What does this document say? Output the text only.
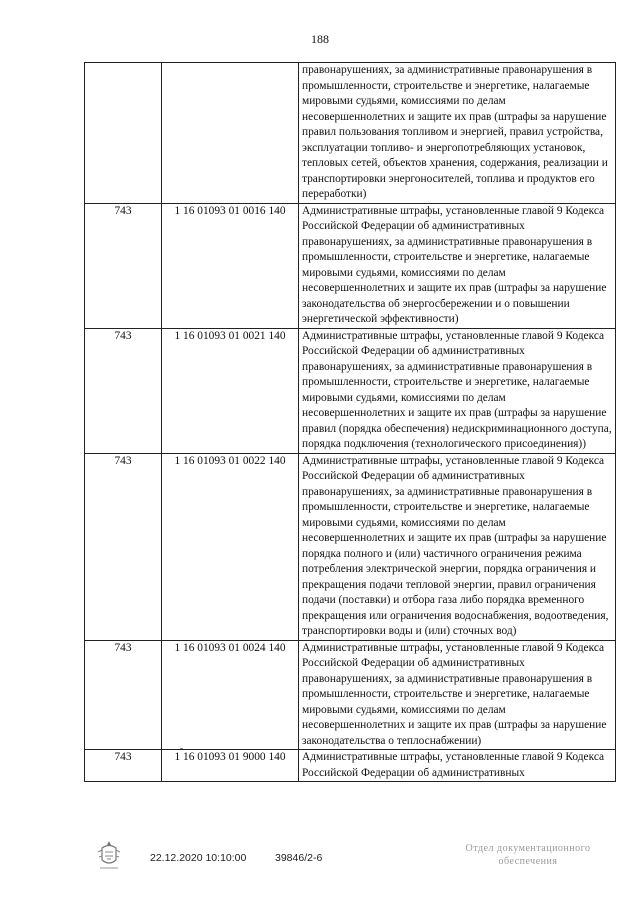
188
		правонарушениях, за административные правонарушения в промышленности, строительстве и энергетике, налагаемые мировыми судьями, комиссиями по делам несовершеннолетних и защите их прав (штрафы за нарушение правил пользования топливом и энергией, правил устройства, эксплуатации топливо- и энергопотребляющих установок, тепловых сетей, объектов хранения, содержания, реализации и транспортировки энергоносителей, топлива и продуктов его переработки)
743	1 16 01093 01 0016 140	Административные штрафы, установленные главой 9 Кодекса Российской Федерации об административных правонарушениях, за административные правонарушения в промышленности, строительстве и энергетике, налагаемые мировыми судьями, комиссиями по делам несовершеннолетних и защите их прав (штрафы за нарушение законодательства об энергосбережении и о повышении энергетической эффективности)
743	1 16 01093 01 0021 140	Административные штрафы, установленные главой 9 Кодекса Российской Федерации об административных правонарушениях, за административные правонарушения в промышленности, строительстве и энергетике, налагаемые мировыми судьями, комиссиями по делам несовершеннолетних и защите их прав (штрафы за нарушение правил (порядка обеспечения) недискриминационного доступа, порядка подключения (технологического присоединения))
743	1 16 01093 01 0022 140	Административные штрафы, установленные главой 9 Кодекса Российской Федерации об административных правонарушениях, за административные правонарушения в промышленности, строительстве и энергетике, налагаемые мировыми судьями, комиссиями по делам несовершеннолетних и защите их прав (штрафы за нарушение порядка полного и (или) частичного ограничения режима потребления электрической энергии, порядка ограничения и прекращения подачи тепловой энергии, правил ограничения подачи (поставки) и отбора газа либо порядка временного прекращения или ограничения водоснабжения, водоотведения, транспортировки воды и (или) сточных вод)
743	1 16 01093 01 0024 140	Административные штрафы, установленные главой 9 Кодекса Российской Федерации об административных правонарушениях, за административные правонарушения в промышленности, строительстве и энергетике, налагаемые мировыми судьями, комиссиями по делам несовершеннолетних и защите их прав (штрафы за нарушение законодательства о теплоснабжении)
743	1 16 01093 01 9000 140	Административные штрафы, установленные главой 9 Кодекса Российской Федерации об административных
22.12.2020 10:10:00	39846/2-6
Отдел документационного
обеспечения
